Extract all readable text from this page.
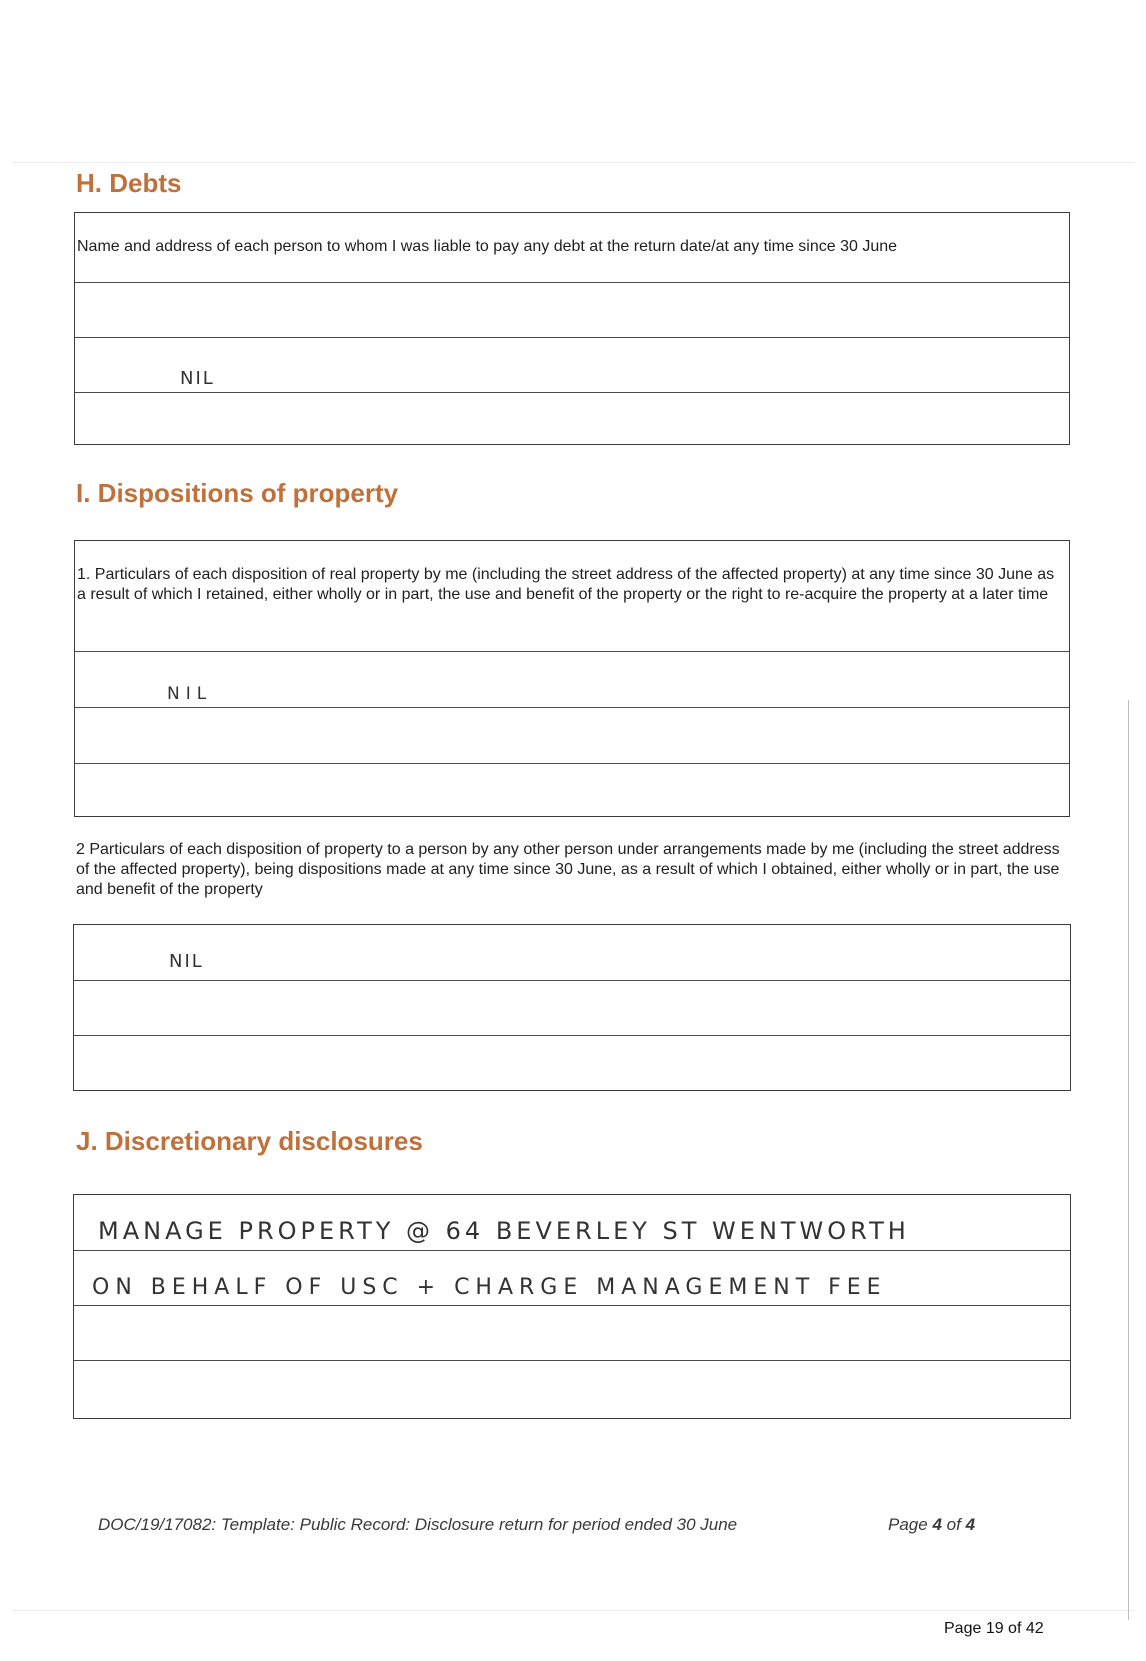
H. Debts
Name and address of each person to whom I was liable to pay any debt at the return date/at any time since 30 June
NIL
I. Dispositions of property
1. Particulars of each disposition of real property by me (including the street address of the affected property) at any time since 30 June as a result of which I retained, either wholly or in part, the use and benefit of the property or the right to re-acquire the property at a later time
NIL
2 Particulars of each disposition of property to a person by any other person under arrangements made by me (including the street address of the affected property), being dispositions made at any time since 30 June, as a result of which I obtained, either wholly or in part, the use and benefit of the property
NIL
J. Discretionary disclosures
MANAGE PROPERTY @ 64 BEVERLEY ST WENTWORTH
ON BEHALF OF USC + CHARGE MANAGEMENT FEE
DOC/19/17082: Template: Public Record: Disclosure return for period ended 30 June	Page 4 of 4
Page 19 of 42
